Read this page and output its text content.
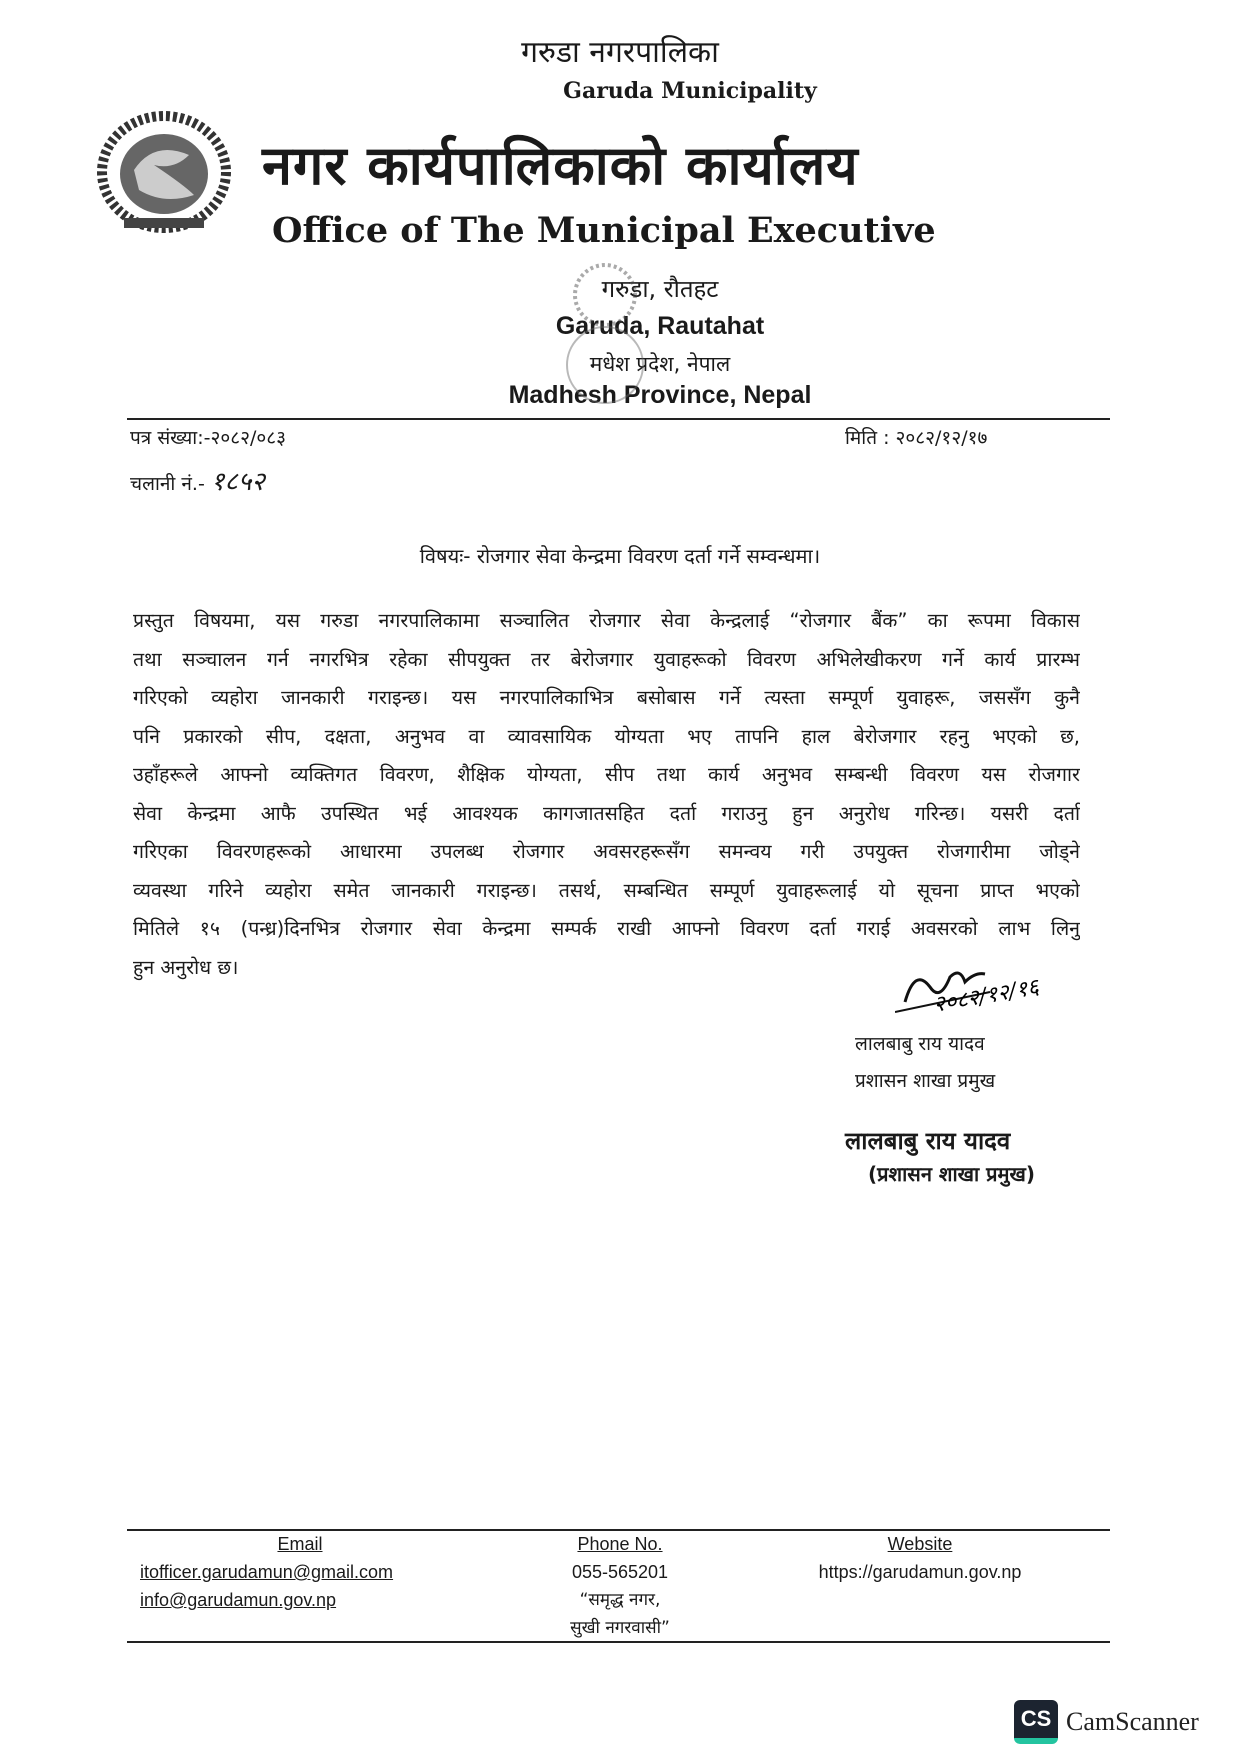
गरुडा नगरपालिका
Garuda Municipality
नगर कार्यपालिकाको कार्यालय
Office of The Municipal Executive
गरुडा, रौतहट
Garuda, Rautahat
मधेश प्रदेश, नेपाल
Madhesh Province, Nepal
पत्र संख्या:-२०८२/०८३
चलानी नं.- १८५२
मिति : २०८२/१२/१७
विषयः- रोजगार सेवा केन्द्रमा विवरण दर्ता गर्ने सम्वन्धमा।
प्रस्तुत विषयमा, यस गरुडा नगरपालिकामा सञ्चालित रोजगार सेवा केन्द्रलाई “रोजगार बैंक” का रूपमा विकास
तथा सञ्चालन गर्न नगरभित्र रहेका सीपयुक्त तर बेरोजगार युवाहरूको विवरण अभिलेखीकरण गर्ने कार्य प्रारम्भ
गरिएको व्यहोरा जानकारी गराइन्छ। यस नगरपालिकाभित्र बसोबास गर्ने त्यस्ता सम्पूर्ण युवाहरू, जससँग कुनै
पनि प्रकारको सीप, दक्षता, अनुभव वा व्यावसायिक योग्यता भए तापनि हाल बेरोजगार रहनु भएको छ,
उहाँहरूले आफ्नो व्यक्तिगत विवरण, शैक्षिक योग्यता, सीप तथा कार्य अनुभव सम्बन्धी विवरण यस रोजगार
सेवा केन्द्रमा आफै उपस्थित भई आवश्यक कागजातसहित दर्ता गराउनु हुन अनुरोध गरिन्छ। यसरी दर्ता
गरिएका विवरणहरूको आधारमा उपलब्ध रोजगार अवसरहरूसँग समन्वय गरी उपयुक्त रोजगारीमा जोड्ने
व्यवस्था गरिने व्यहोरा समेत जानकारी गराइन्छ। तसर्थ, सम्बन्धित सम्पूर्ण युवाहरूलाई यो सूचना प्राप्त भएको
मितिले १५ (पन्ध्र)दिनभित्र रोजगार सेवा केन्द्रमा सम्पर्क राखी आफ्नो विवरण दर्ता गराई अवसरको लाभ लिनु
हुन अनुरोध छ।
२०८२/१२/१६
लालबाबु राय यादव
प्रशासन शाखा प्रमुख
लालबाबु राय यादव
(प्रशासन शाखा प्रमुख)
Email
itofficer.garudamun@gmail.com
info@garudamun.gov.np
Phone No.
055-565201
“समृद्ध नगर,
सुखी नगरवासी”
Website
https://garudamun.gov.np
CS CamScanner
